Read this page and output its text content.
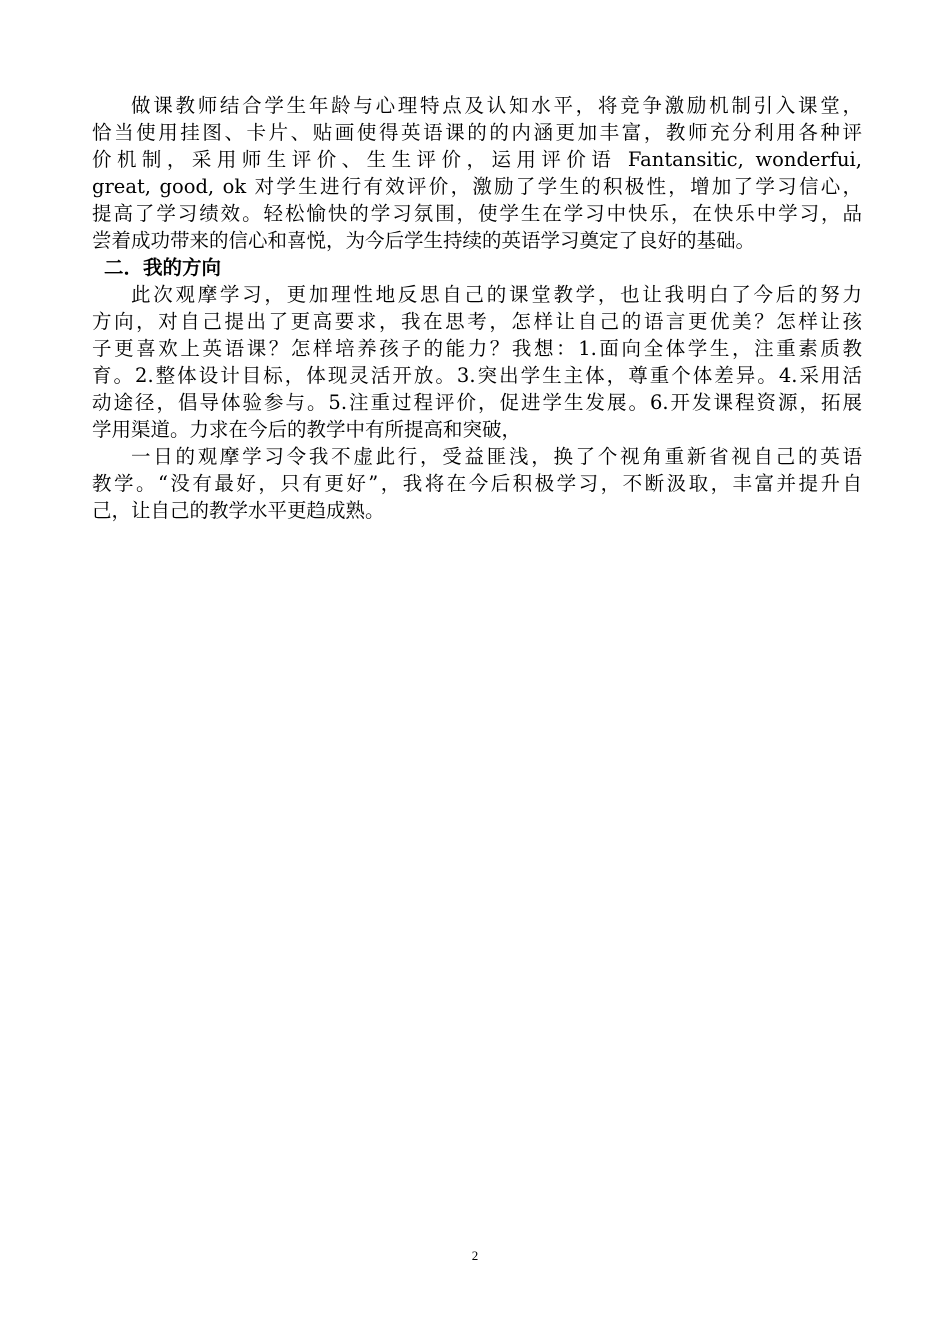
做课教师结合学生年龄与心理特点及认知水平，将竞争激励机制引入课堂，
恰当使用挂图、卡片、贴画使得英语课的的内涵更加丰富，教师充分利用各种评
价机制，采用师生评价、生生评价，运用评价语 Fantansitic, wonderfui,
great, good, ok 对学生进行有效评价，激励了学生的积极性，增加了学习信心，
提高了学习绩效。轻松愉快的学习氛围，使学生在学习中快乐，在快乐中学习，品
尝着成功带来的信心和喜悦，为今后学生持续的英语学习奠定了良好的基础。
二．我的方向
此次观摩学习，更加理性地反思自己的课堂教学，也让我明白了今后的努力
方向，对自己提出了更高要求，我在思考，怎样让自己的语言更优美？怎样让孩
子更喜欢上英语课？怎样培养孩子的能力？我想：1.面向全体学生，注重素质教
育。2.整体设计目标，体现灵活开放。3.突出学生主体，尊重个体差异。4.采用活
动途径，倡导体验参与。5.注重过程评价，促进学生发展。6.开发课程资源，拓展
学用渠道。力求在今后的教学中有所提高和突破，
一日的观摩学习令我不虚此行，受益匪浅，换了个视角重新省视自己的英语
教学。“没有最好，只有更好”，我将在今后积极学习，不断汲取，丰富并提升自
己，让自己的教学水平更趋成熟。
2
